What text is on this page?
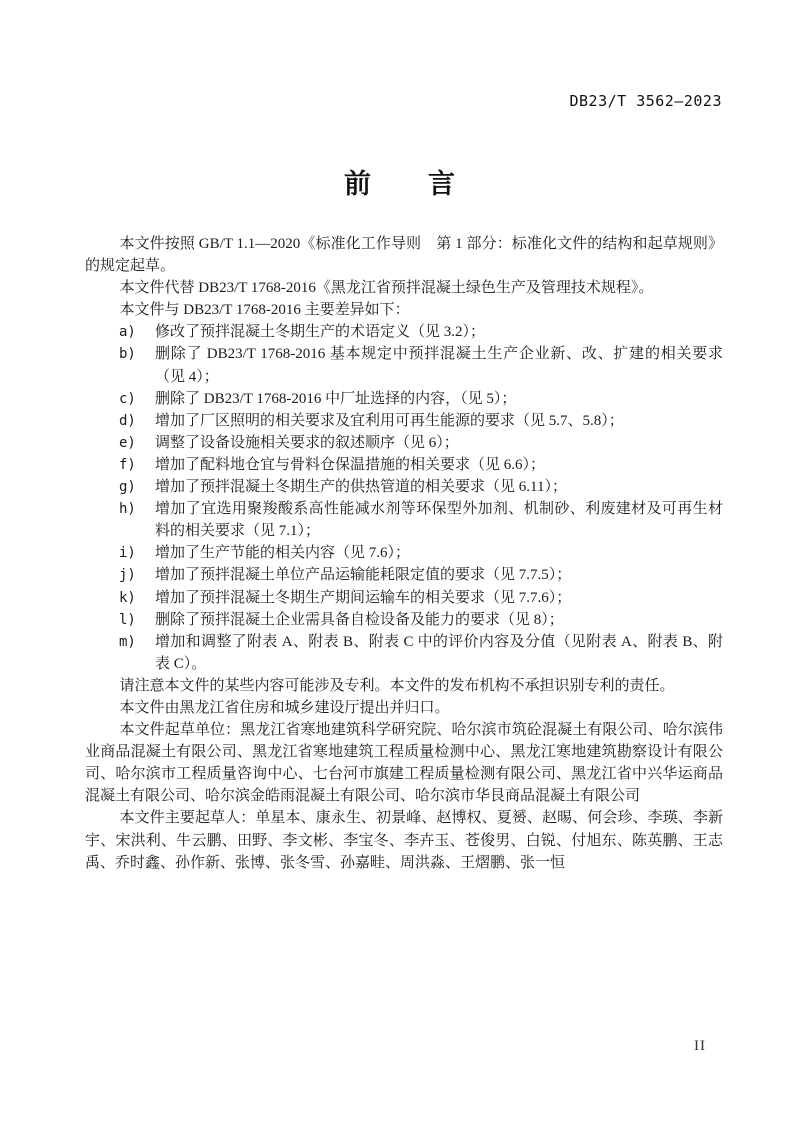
DB23/T 3562—2023
前　　言

本文件按照 GB/T 1.1—2020《标准化工作导则　第 1 部分：标准化文件的结构和起草规则》的规定起草。

本文件代替 DB23/T 1768-2016《黑龙江省预拌混凝土绿色生产及管理技术规程》。

本文件与 DB23/T 1768-2016 主要差异如下：

a)	修改了预拌混凝土冬期生产的术语定义（见 3.2）；
b)	删除了 DB23/T 1768-2016 基本规定中预拌混凝土生产企业新、改、扩建的相关要求（见 4）；
c)	删除了 DB23/T 1768-2016 中厂址选择的内容，（见 5）；
d)	增加了厂区照明的相关要求及宜利用可再生能源的要求（见 5.7、5.8）；
e)	调整了设备设施相关要求的叙述顺序（见 6）；
f)	增加了配料地仓宜与骨料仓保温措施的相关要求（见 6.6）；
g)	增加了预拌混凝土冬期生产的供热管道的相关要求（见 6.11）；
h)	增加了宜选用聚羧酸系高性能减水剂等环保型外加剂、机制砂、利废建材及可再生材料的相关要求（见 7.1）；
i)	增加了生产节能的相关内容（见 7.6）；
j)	增加了预拌混凝土单位产品运输能耗限定值的要求（见 7.7.5）；
k)	增加了预拌混凝土冬期生产期间运输车的相关要求（见 7.7.6）；
l)	删除了预拌混凝土企业需具备自检设备及能力的要求（见 8）；
m)	增加和调整了附表 A、附表 B、附表 C 中的评价内容及分值（见附表 A、附表 B、附表 C）。

请注意本文件的某些内容可能涉及专利。本文件的发布机构不承担识别专利的责任。

本文件由黑龙江省住房和城乡建设厅提出并归口。

本文件起草单位：黑龙江省寒地建筑科学研究院、哈尔滨市筑砼混凝土有限公司、哈尔滨伟业商品混凝土有限公司、黑龙江省寒地建筑工程质量检测中心、黑龙江寒地建筑勘察设计有限公司、哈尔滨市工程质量咨询中心、七台河市旗建工程质量检测有限公司、黑龙江省中兴华运商品混凝土有限公司、哈尔滨金皓雨混凝土有限公司、哈尔滨市华艮商品混凝土有限公司

本文件主要起草人：单星本、康永生、初景峰、赵博权、夏赟、赵晹、何会珍、李瑛、李新宇、宋洪利、牛云鹏、田野、李文彬、李宝冬、李卉玉、苍俊男、白锐、付旭东、陈英鹏、王志禹、乔时鑫、孙作新、张博、张冬雪、孙嘉畦、周洪淼、王熠鹏、张一恒

II
